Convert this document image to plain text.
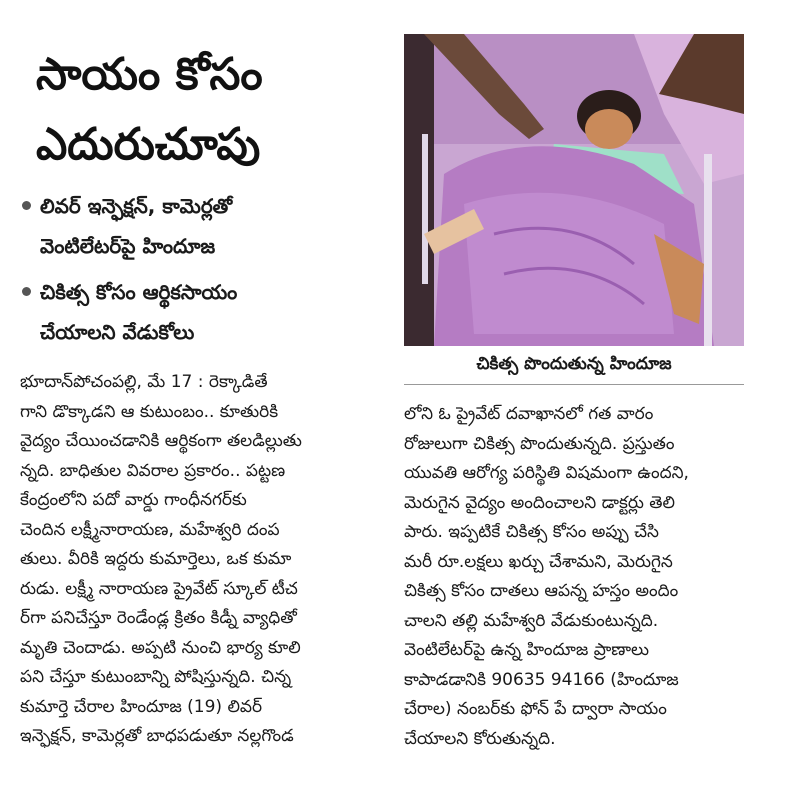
సాయం కోసం
ఎదురుచూపు
లివర్ ఇన్ఫెక్షన్, కామెర్లతో
వెంటిలేటర్‌పై హిందూజ
చికిత్స కోసం ఆర్థికసాయం
చేయాలని వేడుకోలు
చికిత్స పొందుతున్న హిందూజ
భూదాన్‌పోచంపల్లి, మే 17 : రెక్కాడితే
గాని డొక్కాడని ఆ కుటుంబం.. కూతురికి
వైద్యం చేయించడానికి ఆర్థికంగా తలడిల్లుతు
న్నది. బాధితుల వివరాల ప్రకారం.. పట్టణ
కేంద్రంలోని పదో వార్డు గాంధీనగర్‌కు
చెందిన లక్ష్మీనారాయణ, మహేశ్వరి దంప
తులు. వీరికి ఇద్దరు కుమార్తెలు, ఒక కుమా
రుడు. లక్ష్మీ నారాయణ ప్రైవేట్ స్కూల్ టీచ
ర్‌గా పనిచేస్తూ రెండేండ్ల క్రితం కిడ్నీ వ్యాధితో
మృతి చెందాడు. అప్పటి నుంచి భార్య కూలి
పని చేస్తూ కుటుంబాన్ని పోషిస్తున్నది. చిన్న
కుమార్తె చేరాల హిందూజ (19) లివర్
ఇన్ఫెక్షన్, కామెర్లతో బాధపడుతూ నల్లగొండ
లోని ఓ ప్రైవేట్ దవాఖానలో గత వారం
రోజులుగా చికిత్స పొందుతున్నది. ప్రస్తుతం
యువతి ఆరోగ్య పరిస్థితి విషమంగా ఉందని,
మెరుగైన వైద్యం అందించాలని డాక్టర్లు తెలి
పారు. ఇప్పటికే చికిత్స కోసం అప్పు చేసి
మరీ రూ.లక్షలు ఖర్చు చేశామని, మెరుగైన
చికిత్స కోసం దాతలు ఆపన్న హస్తం అందిం
చాలని తల్లి మహేశ్వరి వేడుకుంటున్నది.
వెంటిలేటర్‌పై ఉన్న హిందూజ ప్రాణాలు
కాపాడడానికి 90635 94166 (హిందూజ
చేరాల) నంబర్‌కు ఫోన్ పే ద్వారా సాయం
చేయాలని కోరుతున్నది.
